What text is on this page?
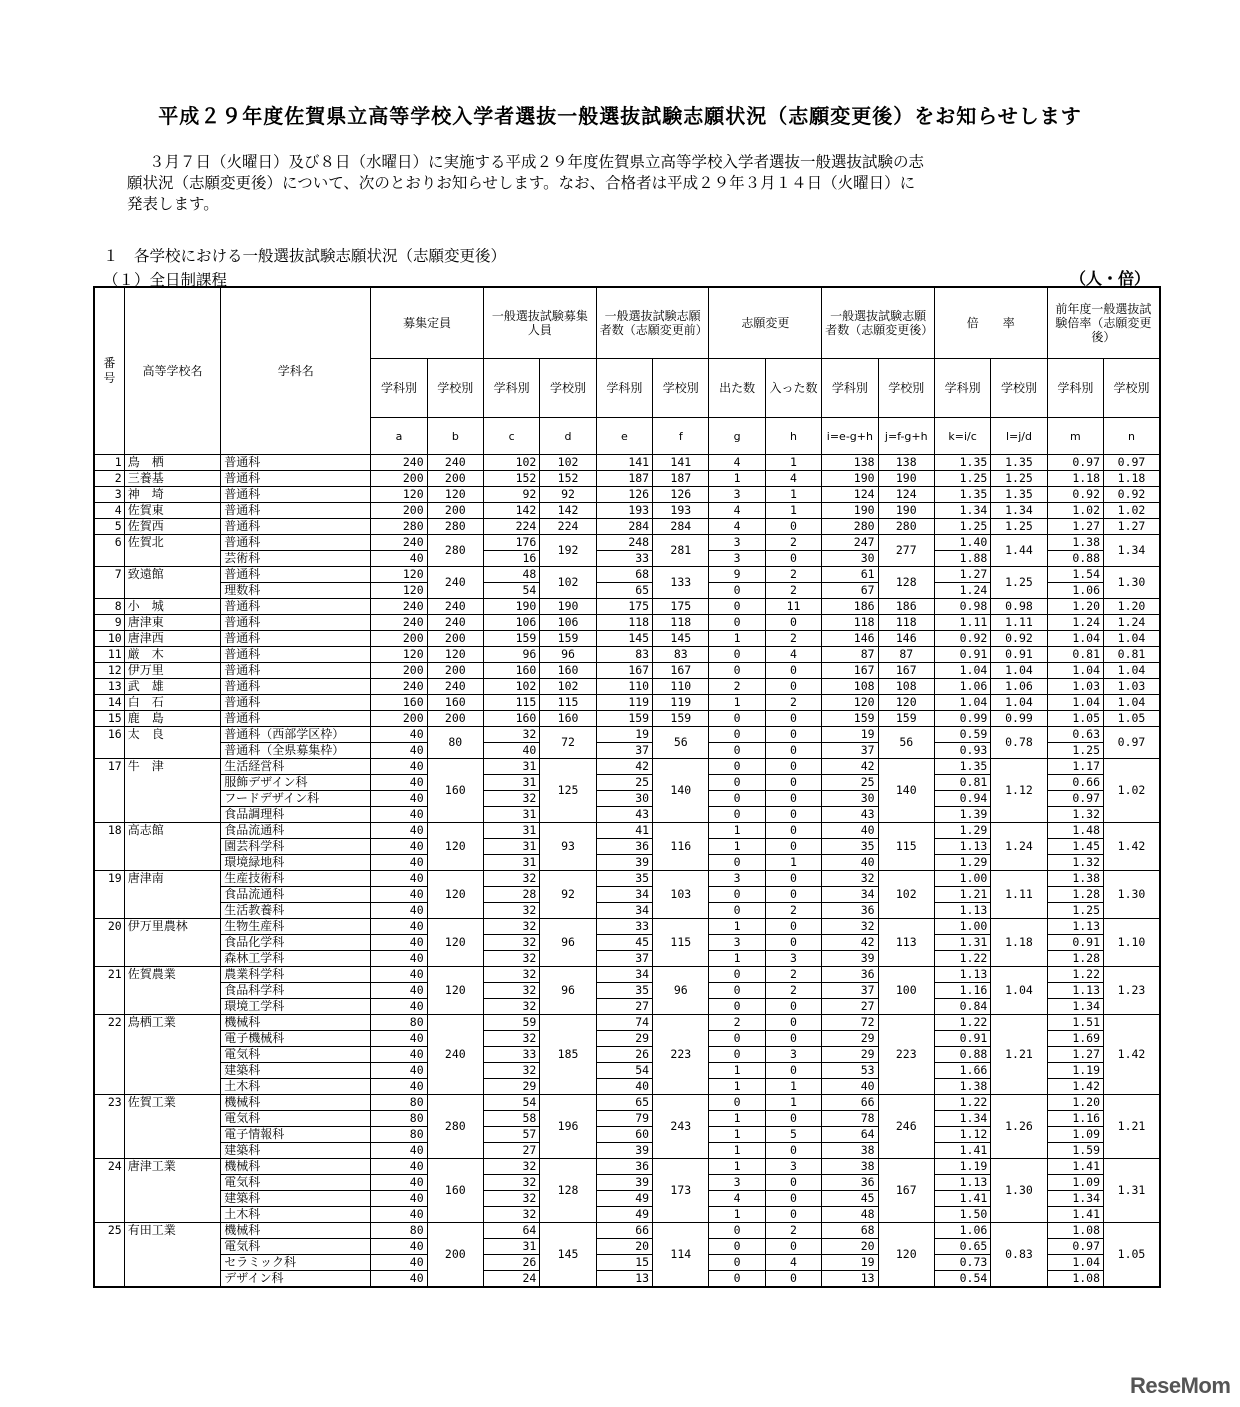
平成２９年度佐賀県立高等学校入学者選抜一般選抜試験志願状況（志願変更後）をお知らせします

３月７日（火曜日）及び８日（水曜日）に実施する平成２９年度佐賀県立高等学校入学者選抜一般選抜試験の志

願状況（志願変更後）について、次のとおりお知らせします。なお、合格者は平成２９年３月１４日（火曜日）に

発表します。

１　各学校における一般選抜試験志願状況（志願変更後）
（１）全日制課程	（人・倍）
番号	高等学校名	学科名	募集定員		一般選抜試験募集人員		一般選抜試験志願者数（志願変更前）		志願変更		一般選抜試験志願者数（志願変更後）		倍　　率		前年度一般選抜試験倍率（志願変更後）	
			学科別	学校別	学科別	学校別	学科別	学校別	出た数	入った数	学科別	学校別	学科別	学校別	学科別	学校別
			a	b	c	d	e	f	g	h	i=e-g+h	j=f-g+h	k=i/c	l=j/d	m	n
1	鳥　栖	普通科	240	240	102	102	141	141	4	1	138	138	1.35	1.35	0.97	0.97
2	三養基	普通科	200	200	152	152	187	187	1	4	190	190	1.25	1.25	1.18	1.18
3	神　埼	普通科	120	120	92	92	126	126	3	1	124	124	1.35	1.35	0.92	0.92
4	佐賀東	普通科	200	200	142	142	193	193	4	1	190	190	1.34	1.34	1.02	1.02
5	佐賀西	普通科	280	280	224	224	284	284	4	0	280	280	1.25	1.25	1.27	1.27
6	佐賀北	普通科	240	280	176	192	248	281	3	2	247	277	1.40	1.44	1.38	1.34
		芸術科	40		16		33		3	0	30		1.88		0.88	
7	致遠館	普通科	120	240	48	102	68	133	9	2	61	128	1.27	1.25	1.54	1.30
		理数科	120		54		65		0	2	67		1.24		1.06	
8	小　城	普通科	240	240	190	190	175	175	0	11	186	186	0.98	0.98	1.20	1.20
9	唐津東	普通科	240	240	106	106	118	118	0	0	118	118	1.11	1.11	1.24	1.24
10	唐津西	普通科	200	200	159	159	145	145	1	2	146	146	0.92	0.92	1.04	1.04
11	厳　木	普通科	120	120	96	96	83	83	0	4	87	87	0.91	0.91	0.81	0.81
12	伊万里	普通科	200	200	160	160	167	167	0	0	167	167	1.04	1.04	1.04	1.04
13	武　雄	普通科	240	240	102	102	110	110	2	0	108	108	1.06	1.06	1.03	1.03
14	白　石	普通科	160	160	115	115	119	119	1	2	120	120	1.04	1.04	1.04	1.04
15	鹿　島	普通科	200	200	160	160	159	159	0	0	159	159	0.99	0.99	1.05	1.05
16	太　良	普通科（西部学区枠）	40	80	32	72	19	56	0	0	19	56	0.59	0.78	0.63	0.97
		普通科（全県募集枠）	40		40		37		0	0	37		0.93		1.25	
17	牛　津	生活経営科	40	160	31	125	42	140	0	0	42	140	1.35	1.12	1.17	1.02
		服飾デザイン科	40		31		25		0	0	25		0.81		0.66	
		フードデザイン科	40		32		30		0	0	30		0.94		0.97	
		食品調理科	40		31		43		0	0	43		1.39		1.32	
18	高志館	食品流通科	40	120	31	93	41	116	1	0	40	115	1.29	1.24	1.48	1.42
		園芸科学科	40		31		36		1	0	35		1.13		1.45	
		環境緑地科	40		31		39		0	1	40		1.29		1.32	
19	唐津南	生産技術科	40	120	32	92	35	103	3	0	32	102	1.00	1.11	1.38	1.30
		食品流通科	40		28		34		0	0	34		1.21		1.28	
		生活教養科	40		32		34		0	2	36		1.13		1.25	
20	伊万里農林	生物生産科	40	120	32	96	33	115	1	0	32	113	1.00	1.18	1.13	1.10
		食品化学科	40		32		45		3	0	42		1.31		0.91	
		森林工学科	40		32		37		1	3	39		1.22		1.28	
21	佐賀農業	農業科学科	40	120	32	96	34	96	0	2	36	100	1.13	1.04	1.22	1.23
		食品科学科	40		32		35		0	2	37		1.16		1.13	
		環境工学科	40		32		27		0	0	27		0.84		1.34	
22	鳥栖工業	機械科	80	240	59	185	74	223	2	0	72	223	1.22	1.21	1.51	1.42
		電子機械科	40		32		29		0	0	29		0.91		1.69	
		電気科	40		33		26		0	3	29		0.88		1.27	
		建築科	40		32		54		1	0	53		1.66		1.19	
		土木科	40		29		40		1	1	40		1.38		1.42	
23	佐賀工業	機械科	80	280	54	196	65	243	0	1	66	246	1.22	1.26	1.20	1.21
		電気科	80		58		79		1	0	78		1.34		1.16	
		電子情報科	80		57		60		1	5	64		1.12		1.09	
		建築科	40		27		39		1	0	38		1.41		1.59	
24	唐津工業	機械科	40	160	32	128	36	173	1	3	38	167	1.19	1.30	1.41	1.31
		電気科	40		32		39		3	0	36		1.13		1.09	
		建築科	40		32		49		4	0	45		1.41		1.34	
		土木科	40		32		49		1	0	48		1.50		1.41	
25	有田工業	機械科	80	200	64	145	66	114	0	2	68	120	1.06	0.83	1.08	1.05
		電気科	40		31		20		0	0	20		0.65		0.97	
		セラミック科	40		26		15		0	4	19		0.73		1.04	
		デザイン科	40		24		13		0	0	13		0.54		1.08	
ReseMom
